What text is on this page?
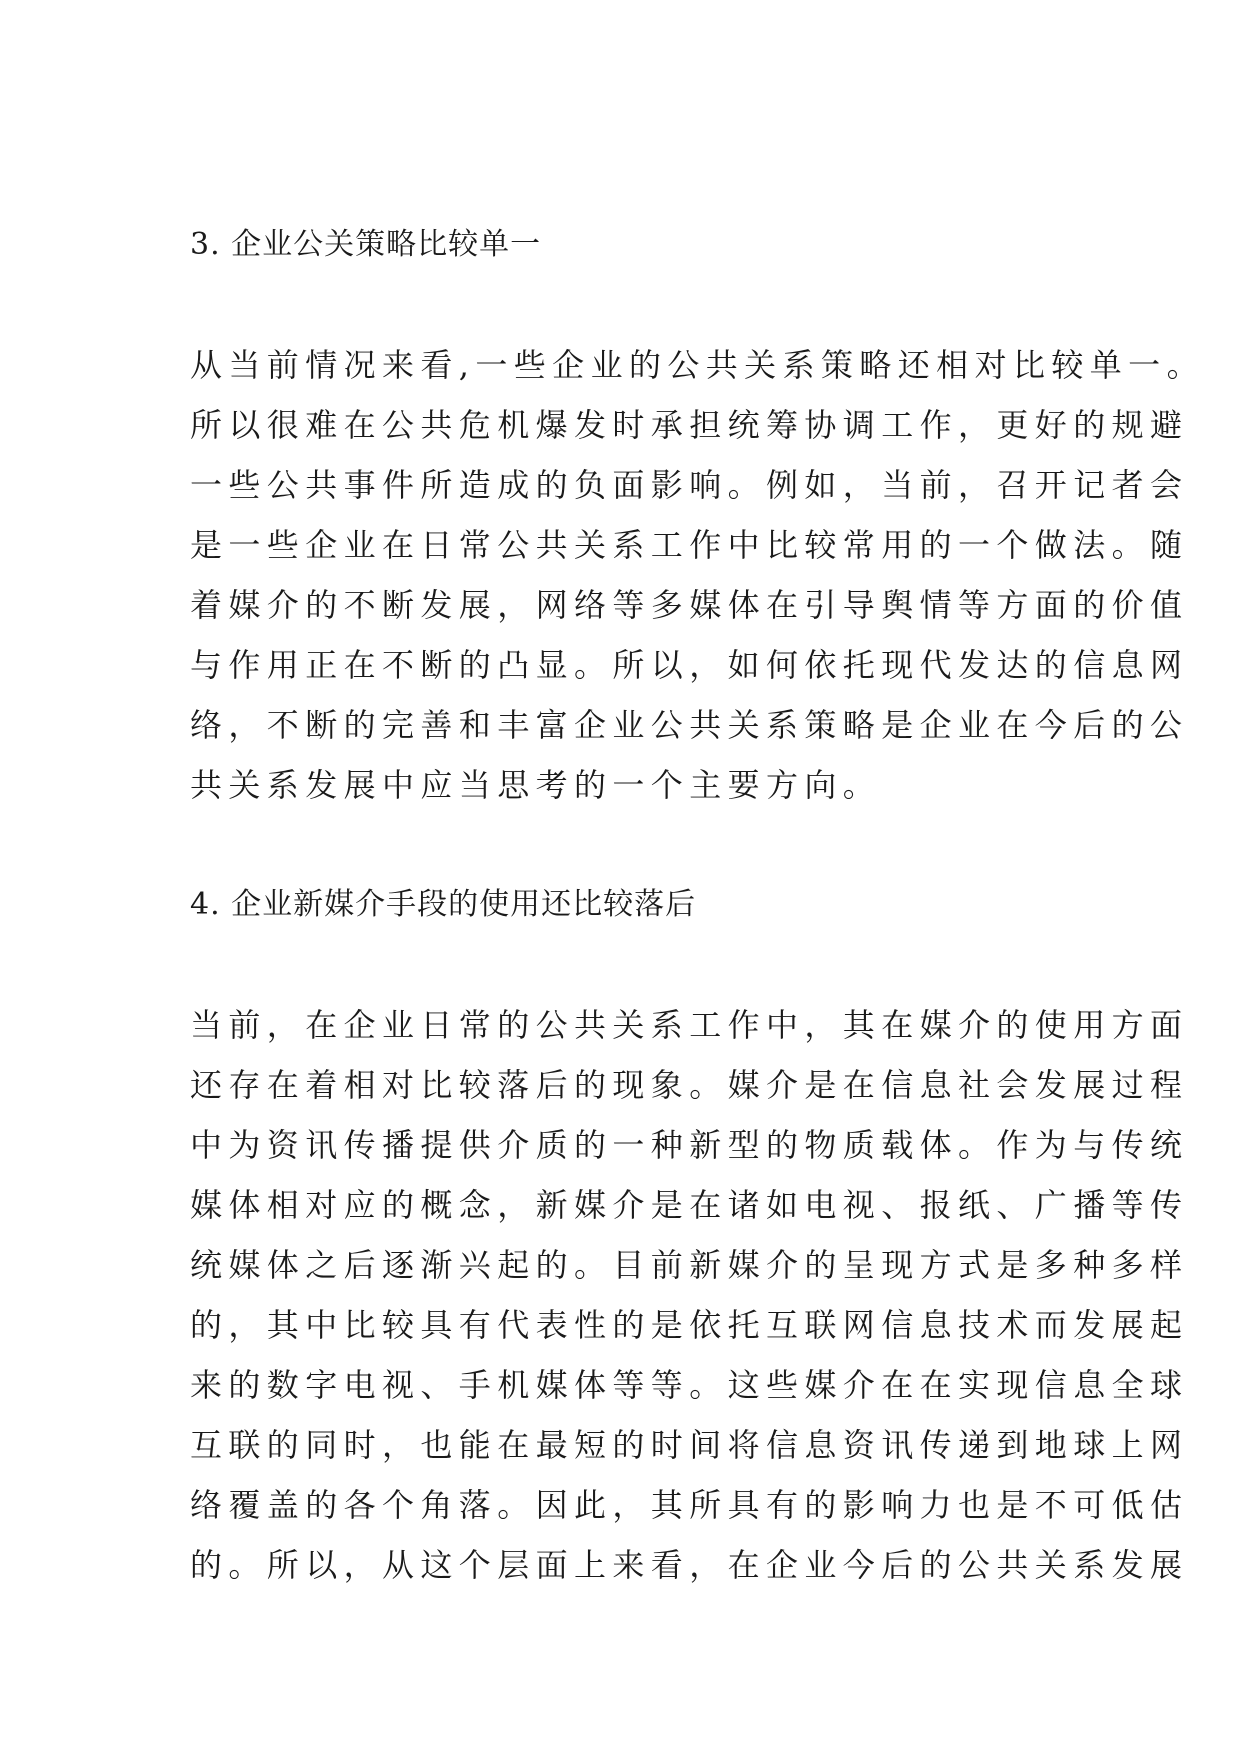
3. 企业公关策略比较单一

从当前情况来看,一些企业的公共关系策略还相对比较单一。
所以很难在公共危机爆发时承担统筹协调工作，更好的规避
一些公共事件所造成的负面影响。例如，当前，召开记者会
是一些企业在日常公共关系工作中比较常用的一个做法。随
着媒介的不断发展，网络等多媒体在引导舆情等方面的价值
与作用正在不断的凸显。所以，如何依托现代发达的信息网
络，不断的完善和丰富企业公共关系策略是企业在今后的公
共关系发展中应当思考的一个主要方向。

4. 企业新媒介手段的使用还比较落后

当前，在企业日常的公共关系工作中，其在媒介的使用方面
还存在着相对比较落后的现象。媒介是在信息社会发展过程
中为资讯传播提供介质的一种新型的物质载体。作为与传统
媒体相对应的概念，新媒介是在诸如电视、报纸、广播等传
统媒体之后逐渐兴起的。目前新媒介的呈现方式是多种多样
的，其中比较具有代表性的是依托互联网信息技术而发展起
来的数字电视、手机媒体等等。这些媒介在在实现信息全球
互联的同时，也能在最短的时间将信息资讯传递到地球上网
络覆盖的各个角落。因此，其所具有的影响力也是不可低估
的。所以，从这个层面上来看，在企业今后的公共关系发展
